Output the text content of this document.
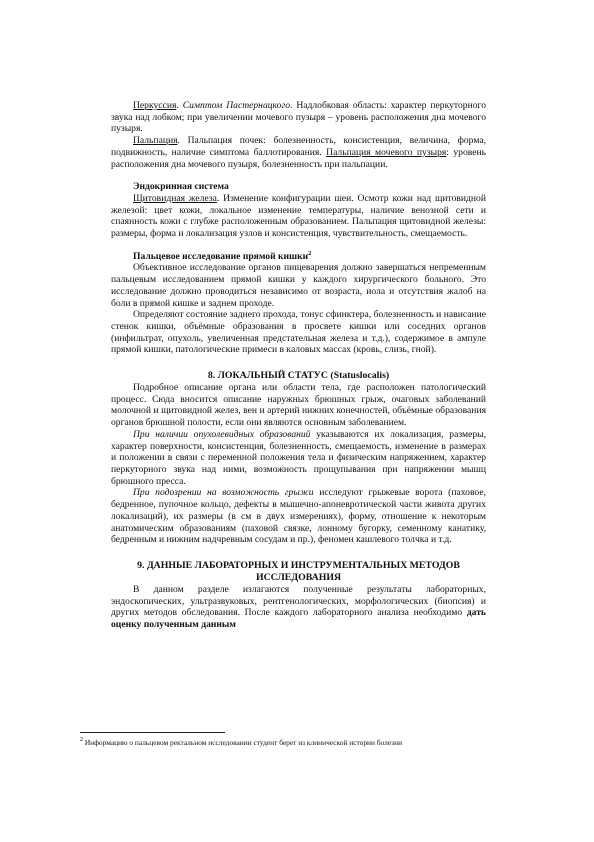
Перкуссия. Симптом Пастернацкого. Надлобковая область: характер перкуторного звука над лобком; при увеличении мочевого пузыря – уровень расположения дна мочевого пузыря.

Пальпация. Пальпация почек: болезненность, консистенция, величина, форма, подвижность, наличие симптома баллотирования. Пальпация мочевого пузыря: уровень расположения дна мочевого пузыря, болезненность при пальпации.

Эндокринная система

Щитовидная железа. Изменение конфигурации шеи. Осмотр кожи над щитовидной железой: цвет кожи, локальное изменение температуры, наличие венозной сети и спаянность кожи с глубже расположенным образованием. Пальпация щитовидной железы: размеры, форма и локализация узлов и консистенция, чувствительность, смещаемость.

Пальцевое исследование прямой кишки$^2$

Объективное исследование органов пищеварения должно завершаться непременным пальцевым исследованием прямой кишки у каждого хирургического больного. Это исследование должно проводиться независимо от возраста, иола и отсутствия жалоб на боли в прямой кишке и заднем проходе.

Определяют состояние заднего прохода, тонус сфинктера, болезненность и нависание стенок кишки, объёмные образования в просвете кишки или соседних органов (инфильтрат, опухоль, увеличенная предстательная железа и т.д.), содержимое в ампуле прямой кишки, патологические примеси в каловых массах (кровь, слизь, гной).

8. ЛОКАЛЬНЫЙ СТАТУС (Statuslocalis)

Подробное описание органа или области тела, где расположен патологический процесс. Сюда вносится описание наружных брюшных грыж, очаговых заболеваний молочной и щитовидной желез, вен и артерий нижних конечностей, объёмные образования органов брюшной полости, если они являются основным заболеванием.

При наличии опухолевидных образований указываются их локализация, размеры, характер поверхности, консистенция, болезненность, смещаемость, изменение в размерах и положении в связи с переменной положения тела и физическим напряжением, характер перкуторного звука над ними, возможность прощупывания при напряжении мышц брюшного пресса.

При подозрении на возможность грыжи исследуют грыжевые ворота (паховое, бедренное, пупочное кольцо, дефекты в мышечно-апоневротической части живота других локализаций), их размеры (в см в двух измерениях), форму, отношение к некоторым анатомическим образованиям (паховой связке, лонному бугорку, семенному канатику, бедренным и нижним надчревным сосудам и пр.), феномен кашлевого толчка и т.д.

9. ДАННЫЕ ЛАБОРАТОРНЫХ И ИНСТРУМЕНТАЛЬНЫХ МЕТОДОВ
ИССЛЕДОВАНИЯ

В данном разделе излагаются полученные результаты лабораторных, эндоскопических, ультразвуковых, рентгенологических, морфологических (биопсия) и других методов обследования. После каждого лабораторного анализа необходимо дать оценку полученным данным

$^2$ Информацию о пальцевом ректальном исследовании студент берет из клинической истории болезни
